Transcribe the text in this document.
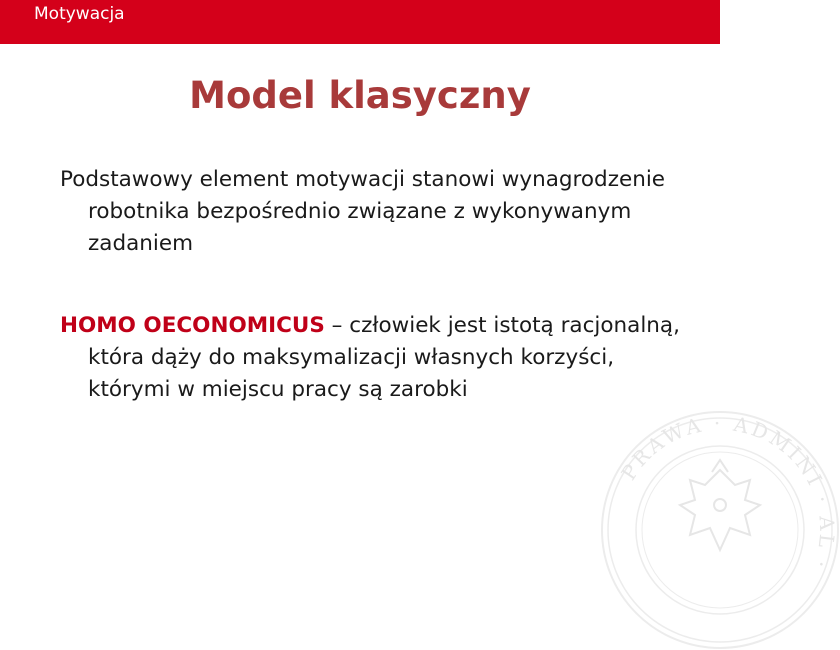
Motywacja
Model klasyczny

Podstawowy element motywacji stanowi wynagrodzenie robotnika bezpośrednio związane z wykonywanym zadaniem

HOMO OECONOMICUS – człowiek jest istotą racjonalną, która dąży do maksymalizacji własnych korzyści, którymi w miejscu pracy są zarobki

PRAWA · ADMINI · AL ·
